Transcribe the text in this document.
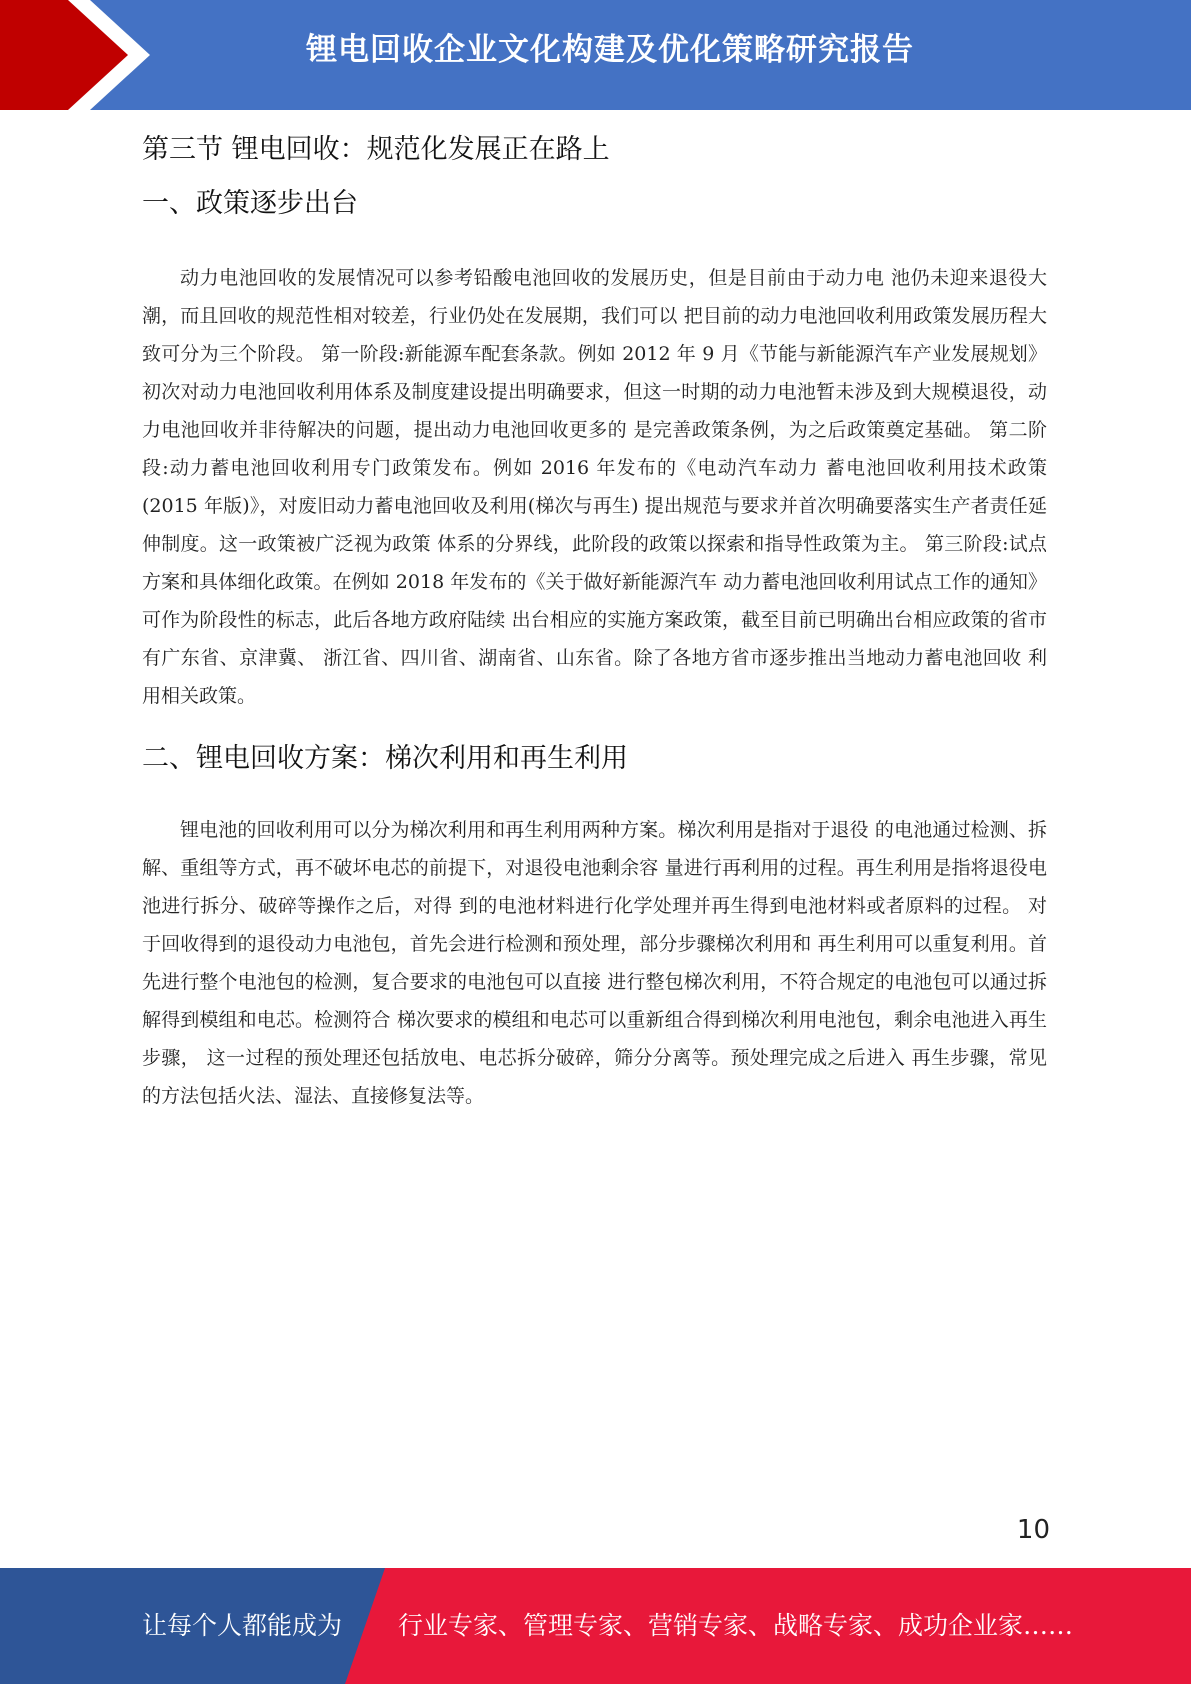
锂电回收企业文化构建及优化策略研究报告
第三节 锂电回收：规范化发展正在路上
一、政策逐步出台

动力电池回收的发展情况可以参考铅酸电池回收的发展历史，但是目前由于动力电 池仍未迎来退役大潮，而且回收的规范性相对较差，行业仍处在发展期，我们可以 把目前的动力电池回收利用政策发展历程大致可分为三个阶段。 第一阶段:新能源车配套条款。例如 2012 年 9 月《节能与新能源汽车产业发展规划》 初次对动力电池回收利用体系及制度建设提出明确要求，但这一时期的动力电池暂未涉及到大规模退役，动力电池回收并非待解决的问题，提出动力电池回收更多的 是完善政策条例，为之后政策奠定基础。 第二阶段:动力蓄电池回收利用专门政策发布。例如 2016 年发布的《电动汽车动力 蓄电池回收利用技术政策(2015 年版)》，对废旧动力蓄电池回收及利用(梯次与再生) 提出规范与要求并首次明确要落实生产者责任延伸制度。这一政策被广泛视为政策 体系的分界线，此阶段的政策以探索和指导性政策为主。 第三阶段:试点方案和具体细化政策。在例如 2018 年发布的《关于做好新能源汽车 动力蓄电池回收利用试点工作的通知》可作为阶段性的标志，此后各地方政府陆续 出台相应的实施方案政策，截至目前已明确出台相应政策的省市有广东省、京津冀、 浙江省、四川省、湖南省、山东省。除了各地方省市逐步推出当地动力蓄电池回收 利用相关政策。

二、锂电回收方案：梯次利用和再生利用

锂电池的回收利用可以分为梯次利用和再生利用两种方案。梯次利用是指对于退役 的电池通过检测、拆解、重组等方式，再不破坏电芯的前提下，对退役电池剩余容 量进行再利用的过程。再生利用是指将退役电池进行拆分、破碎等操作之后，对得 到的电池材料进行化学处理并再生得到电池材料或者原料的过程。 对于回收得到的退役动力电池包，首先会进行检测和预处理，部分步骤梯次利用和 再生利用可以重复利用。首先进行整个电池包的检测，复合要求的电池包可以直接 进行整包梯次利用，不符合规定的电池包可以通过拆解得到模组和电芯。检测符合 梯次要求的模组和电芯可以重新组合得到梯次利用电池包，剩余电池进入再生步骤， 这一过程的预处理还包括放电、电芯拆分破碎，筛分分离等。预处理完成之后进入 再生步骤，常见的方法包括火法、湿法、直接修复法等。

10
让每个人都能成为 行业专家、管理专家、营销专家、战略专家、成功企业家……
